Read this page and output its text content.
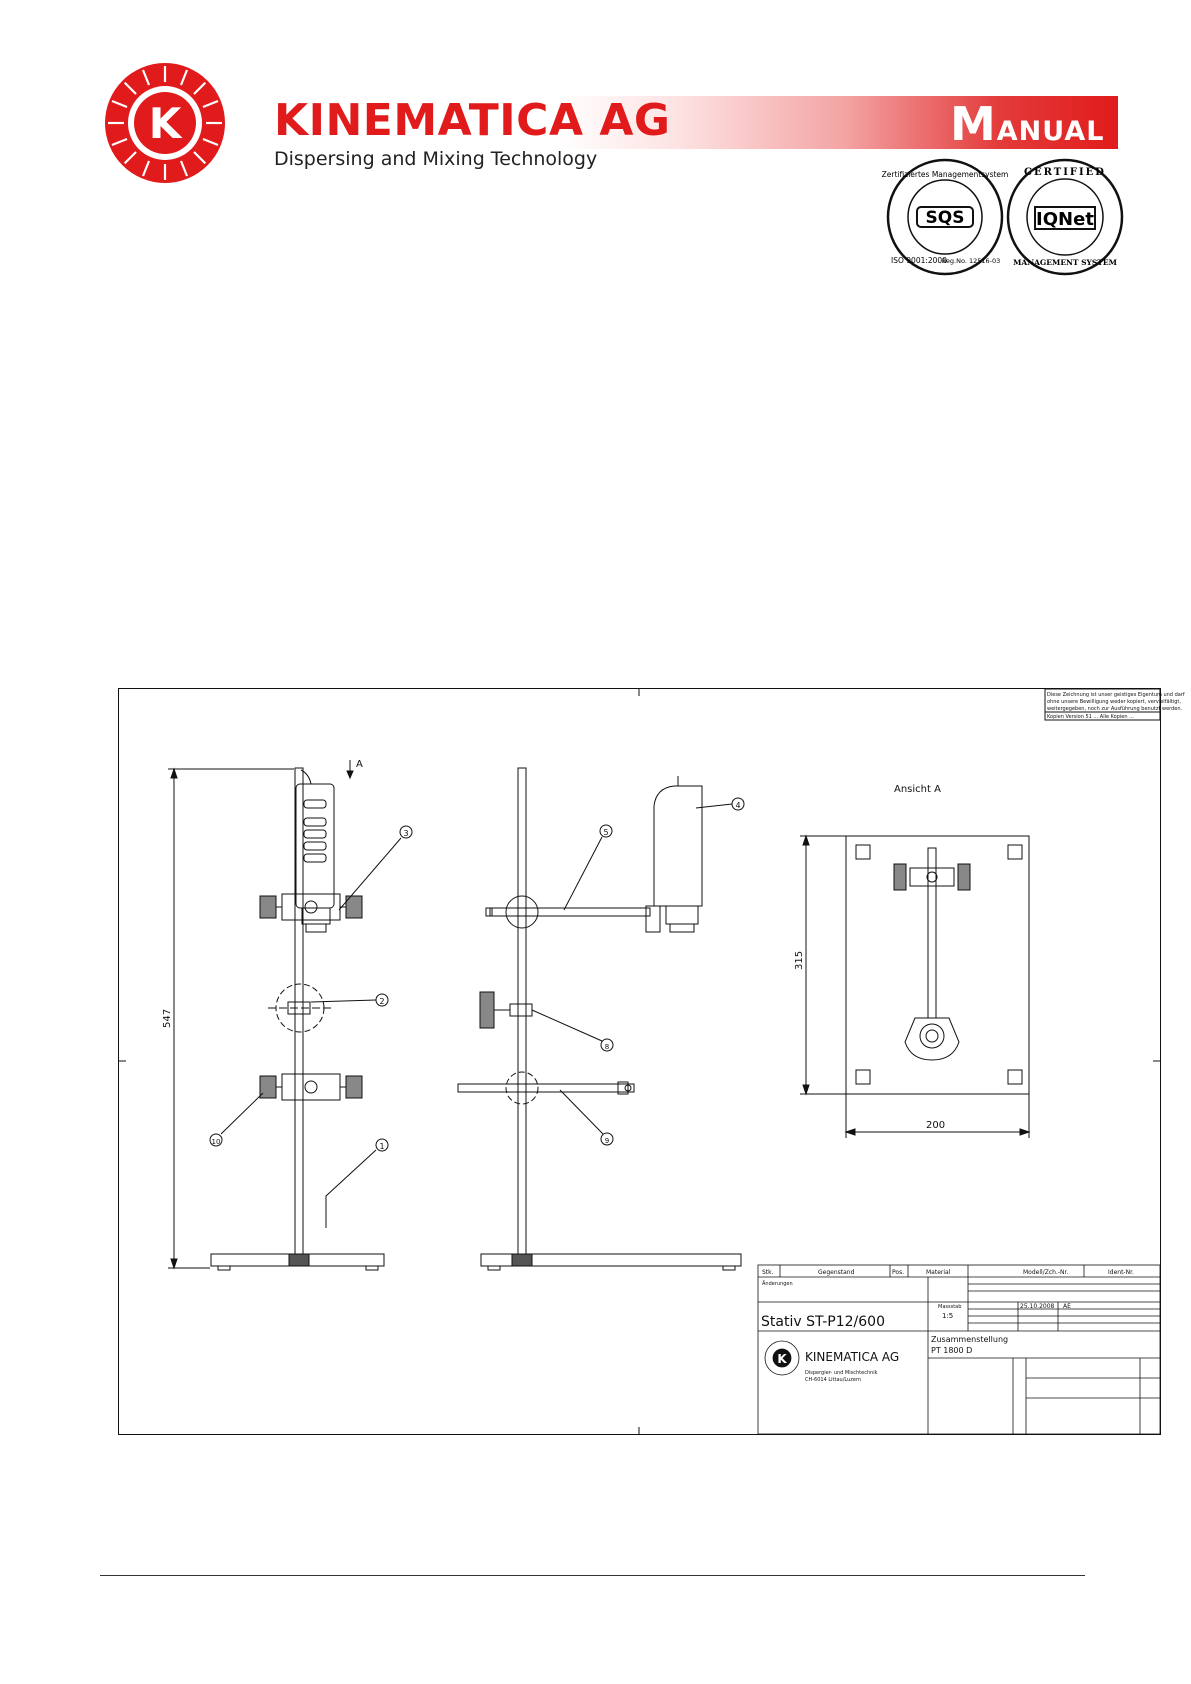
K KINEMATICA AG
Dispersing and Mixing Technology
MANUAL
Zertifiziertes Managementsystem
SQS
ISO 9001:2000
Reg.No. 12516-03
CERTIFIED
IQNet
MANAGEMENT SYSTEM
Diese Zeichnung ist unser geistiges Eigentum und darf
ohne unsere Bewilligung weder kopiert, vervielfältigt,
weitergegeben, noch zur Ausführung benutzt werden.
Kopien Version 51 ... Alle Kopien ...
547
A
3
2
10	1
4
5
8
9
Ansicht A
315
200
Stk.	Gegenstand	Pos.	Material	Modell/Zch.-Nr.	Ident-Nr.
Änderungen
Stativ ST-P12/600
Massstab
1:5
25.10.2008 AE
K KINEMATICA AG
Dispergier- und Mischtechnik
CH-6014 Littau/Luzern
Zusammenstellung
PT 1800 D
